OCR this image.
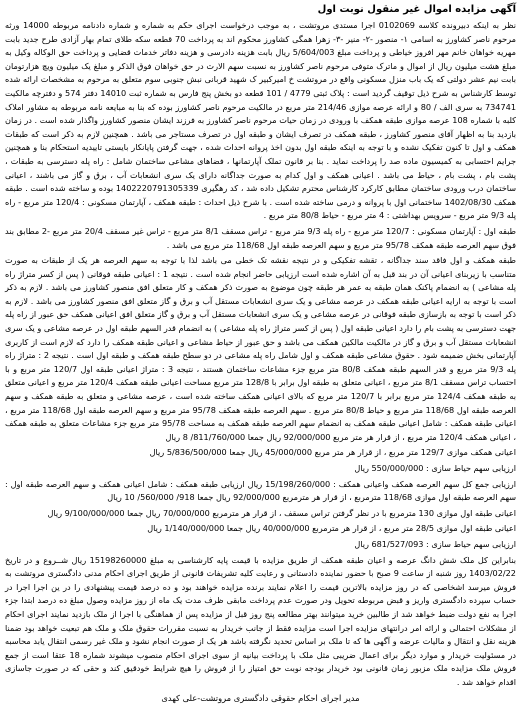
آگهی مزایده اموال غیر منقول نوبت اول

نظر به اینکه دبیرونده کلاسه 0102069 اجرا مستدی مروتشت ، به موجب درخواست اجرای حکم به شماره و شماره دادنامه مربوطه 14000 ورثه مرحوم ناصر کشاورز به اسامی ۱- منصور -۲- منیر -۳- زهرا همگی کشاورز محکوم اند به پرداخت 70 قطعه سکه طلای تمام بهار آزادی طرح جدید بابت مهریه خواهان خانم مهر افروز خیاطی و پرداخت مبلغ 5/604/003 ریال بابت هزینه دادرسی و هزینه دفاتر خدمات قضایی و پرداخت حق الوکاله وکیل به مبلغ هشت میلیون ریال از اموال و ماترک متوفی مرحوم ناصر کشاورز به نسبت سهم الارث در حق خواهان فوق الذکر و مبلغ یک میلیون ویچ هزارتومان بابت نیم عشر دولتی که یک باب منزل مسکونی واقع در مروتشت خ امیرکبیر ک شهید قربانی نبش جنوبی سوم متعلق به مرحوم به مشخصات ارائه شده توسط کارشناس به شرح ذیل توقیف گردید است : پلاک ثبتی 4779 / 101 قطعه دو بخش پنج فارس به شماره ثبت 14010 دفتر 574 و دفترچه مالکیت 734741 به سری الف / 80 و ارائه عرصه موازی 214/46 متر مربع در مالکیت مرحوم ناصر کشاورز بوده که بنا به مبایعه نامه مربوطه به مشاور املاک کلبه با شماره 108 عرصه موازی طبقه همکف با ورودی در زمان حیات مرحوم ناصر کشاورز به فرزند ایشان منصور کشاورز واگذار شده است . در زمان بازدید بنا به اظهار آقای منصور کشاورز ، طبقه همکف در تصرف ایشان و طبقه اول در تصرف مستاجر می باشد . همچنین لازم به ذکر است که طبقات همکف و اول تا کنون تفکیک نشده و با توجه به اینکه طبقه اول بدون اخذ پروانه احداث شده ، جهت گرفتن پایانکار بایستی تاییدیه استحکام بنا و همچنین جرایم احتسابی به کمیسیون ماده صد را پرداخت نماید . بنا بر قانون تملک آپارتمانها ، فضاهای مشاعی ساختمان شامل : راه پله دسترسی به طبقات ، پشت بام ، پشت بام ، حیاط می باشد . اعیانی همکف و اول کدام به صورت جداگانه دارای یک سری انشعابات آب ، برق و گاز می باشند ، اعیانی ساختمان درب ورودی ساختمان مطابق کارکرد کارشناس محترم تشکیل داده شد ، کد رهگیری 1402220791305339 بوده و ساخته شده است . طبقه همکف 1402/08/30 ساختمانی اول با پروانه و درمی ساخته شده است . با شرح ذیل احداث : طبقه همکف ، آپارتمان مسکونی : 120/4 متر مربع - راه پله 9/3 متر مربع - سرویس بهداشتی : 4 متر مربع - حیاط 80/8 متر مربع .

طبقه اول : آپارتمان مسکونی : 120/7 متر مربع - راه پله 9/3 متر مربع - تراس مسقف 8/1 متر مربع - تراس غیر مسقف 20/4 متر مربع -2 مطابق بند فوق سهم العرصه طبقه همکف 95/78 متر مربع و سهم العرصه طبقه اول 118/68 متر مربع می باشد .

طبقه همکف و اول فاقد سند جداگانه ، تقشه تفکیکی و در نتیجه نقشه تک خطی می باشد لذا با توجه به سهم العرصه هر یک از طبقات به صورت متناسب با زیربنای اعیانی آن در بند قبل به آن اشاره شده است ارزیابی حاضر انجام شده است . نتیجه 1 : اعیانی طبقه فوقانی ( پس از کسر متراژ راه پله مشاعی ) به انضمام پاکنک همان طبقه به عمر هر طبقه چون موضوع به صورت ذکر همکف و کار متعلق افق منصور کشاورز می باشد . لازم به ذکر است با توجه به ارایه اعیانی طبقه همکف در عرصه مشاعی و یک سری انشعابات مستقل آب و برق و گاز متعلق افق منصور کشاورز می باشد . لازم به ذکر است با توجه به بازسازی طبقه فوقانی در عرصه مشاعی و یک سری انشعابات مستقل آب و برق و گاز متعلق افق اعیانی همکف حق عبور از راه پله جهت دسترسی به پشت بام را دارد اعیانی طبقه اول ( پس از کسر متراژ راه پله مشاعی ) به انضمام قدر السهم طبقه اول در عرصه مشاعی و یک سری انشعابات مستقل آب و برق و گاز در مالکیت مالکین همکف می باشد و حق عبور از حیاط مشاعی و اعیانی طبقه همکف را دارد که لازم است از کاربری آپارتمانی بخش ضمیمه شود . حقوق مشاعی طبقه همکف و اول شامل راه پله مشاعی در دو سطح طبقه همکف و طبقه اول است . نتیجه 2 : متراژ راه پله 9/3 متر مربع و قدر السهم طبقه همکف 80/8 متر مربع جزء مشاعات ساختمان هستند ، نتیجه 3 : متراژ اعیانی طبقه اول 120/7 متر مربع و با احتساب تراس مسقف 8/1 متر مربع ، اعیانی متعلق به طبقه اول برابر با 128/8 متر مربع مساحت اعیانی طبقه همکف 120/4 متر مربع و اعیانی متعلق به طبقه همکف 124/4 متر مربع برابر با 120/7 متر مربع که بالای اعیانی همکف ساخته شده است ، عرصه مشاعی و متعلق به طبقه همکف و سهم العرصه طبقه اول 118/68 متر مربع و حیاط 80/8 متر مربع . سهم العرصه طبقه همکف 95/78 متر مربع و سهم العرصه طبقه اول 118/68 متر مربع ، اعیانی طبقه همکف : شامل اعیانی طبقه همکف به انضمام سهم العرصه طبقه همکف به مساحت 95/78 متر مربع جزء مشاعات متعلق به طبقه همکف ، اعیانی همکف 120/4 متر مربع ، از قرار هر متر مربع 92/000/000 ریال جمعا 811/760/000/ 8 ریال

اعیانی همکف موازی 129/7 متر مربع ، از قرار هر متر مربع 45/000/000 ریال جمعا 5/836/500/000 ریال

ارزیابی سهم حیاط سازی : 550/000/000 ریال

ارزیابی جمع کل سهم العرصه همکف واعیانی همکف : 15/198/260/000 ریال ارزیابی طبقه همکف : شامل اعیانی همکف و سهم العرصه طبقه اول : سهم العرصه طبقه اول موازی 118/68 مترمربع ، از قرار هر مترمربع 92/000/000 ریال جمعا 918/ 560/000/ 10 ریال

اعیانی طبقه اول موازی 130 مترمربع با در نظر گرفتن تراس مسقف ، از قرار هر مترمربع 70/000/000 ریال جمعا 9/100/000/000 ریال

اعیانی طبقه اول موازی 28/5 متر مربع ، از قرار هر مترمربع 40/000/000 ریال جمعا 1/140/000/000 ریال

ارزیابی سهم حیاط سازی : 681/527/093 ریال

بنابراین کل ملک شش دانگ عرصه و اعیان طبقه همکف از طریق مزایده با قیمت پایه کارشناسی به مبلغ 15198260000 ریال شــروع و در تاریخ 1403/02/22 روز شنبه از ساعت 9 صبح با حضور نماینده دادستانی و رعایت کلیه تشریفات قانونی از طریق اجرای احکام مدنی دادگستری مروتشت به فروش میرسد اشخاصی که در روز مزایده بالاترین قیمت را اعلام نمایند برنده مزایده خواهند بود و ده درصد قیمت پیشنهادی را در ین اجرا اجرا در حساب سپرده دادگستری واریز و قبض مربوطه تحویل ودر صورت عدم پرداخت مابقی ظرف مدت یک ماه از روز مزایده وصول مبلغ ده درصد ابتدا جزء اجرا به نفع دولت ضبط خواهد شد از طالبین خرید میتوانند بهتر مطالعه پنج روز قبل از مزایده پس از هماهنگی با اجرا از ملک بازدید نمایند اجرای احکام از مشکلات احتمالی و ارائه امر درانتهای مزایده اجرا است مزایده فقط از جانب خریدار به نسبت مقررات حقوق ملک و ملک هم تبعیت خواهد بود ضمنا هزینه نقل و انتقال و مالیات عرضه و آگهی ها که تا ملک بر اساس تحدید نگرفته باشد هر یک از صورت انجام نشود و ملک غیر رسمی انتقال یابد محاسبه در مسئولیت خریدار و موارد دیگر برای اعمال ضریبی مثل ملک با پرداخت بیانیه از سوی اجرای احکام منصوب میشوند شماره 18 عتقا است از جمع فروش ملک مزایده ملک مزبور زمان قانونی بود خریدار بودجه نوبت حق امتیاز را از فروش را هیچ شرایط خودقیق کند و حقی که در صورت جاسازی اقدام خواهد شد .

مدیر اجرای احکام حقوقی دادگستری مروتشت-علی کهدی
